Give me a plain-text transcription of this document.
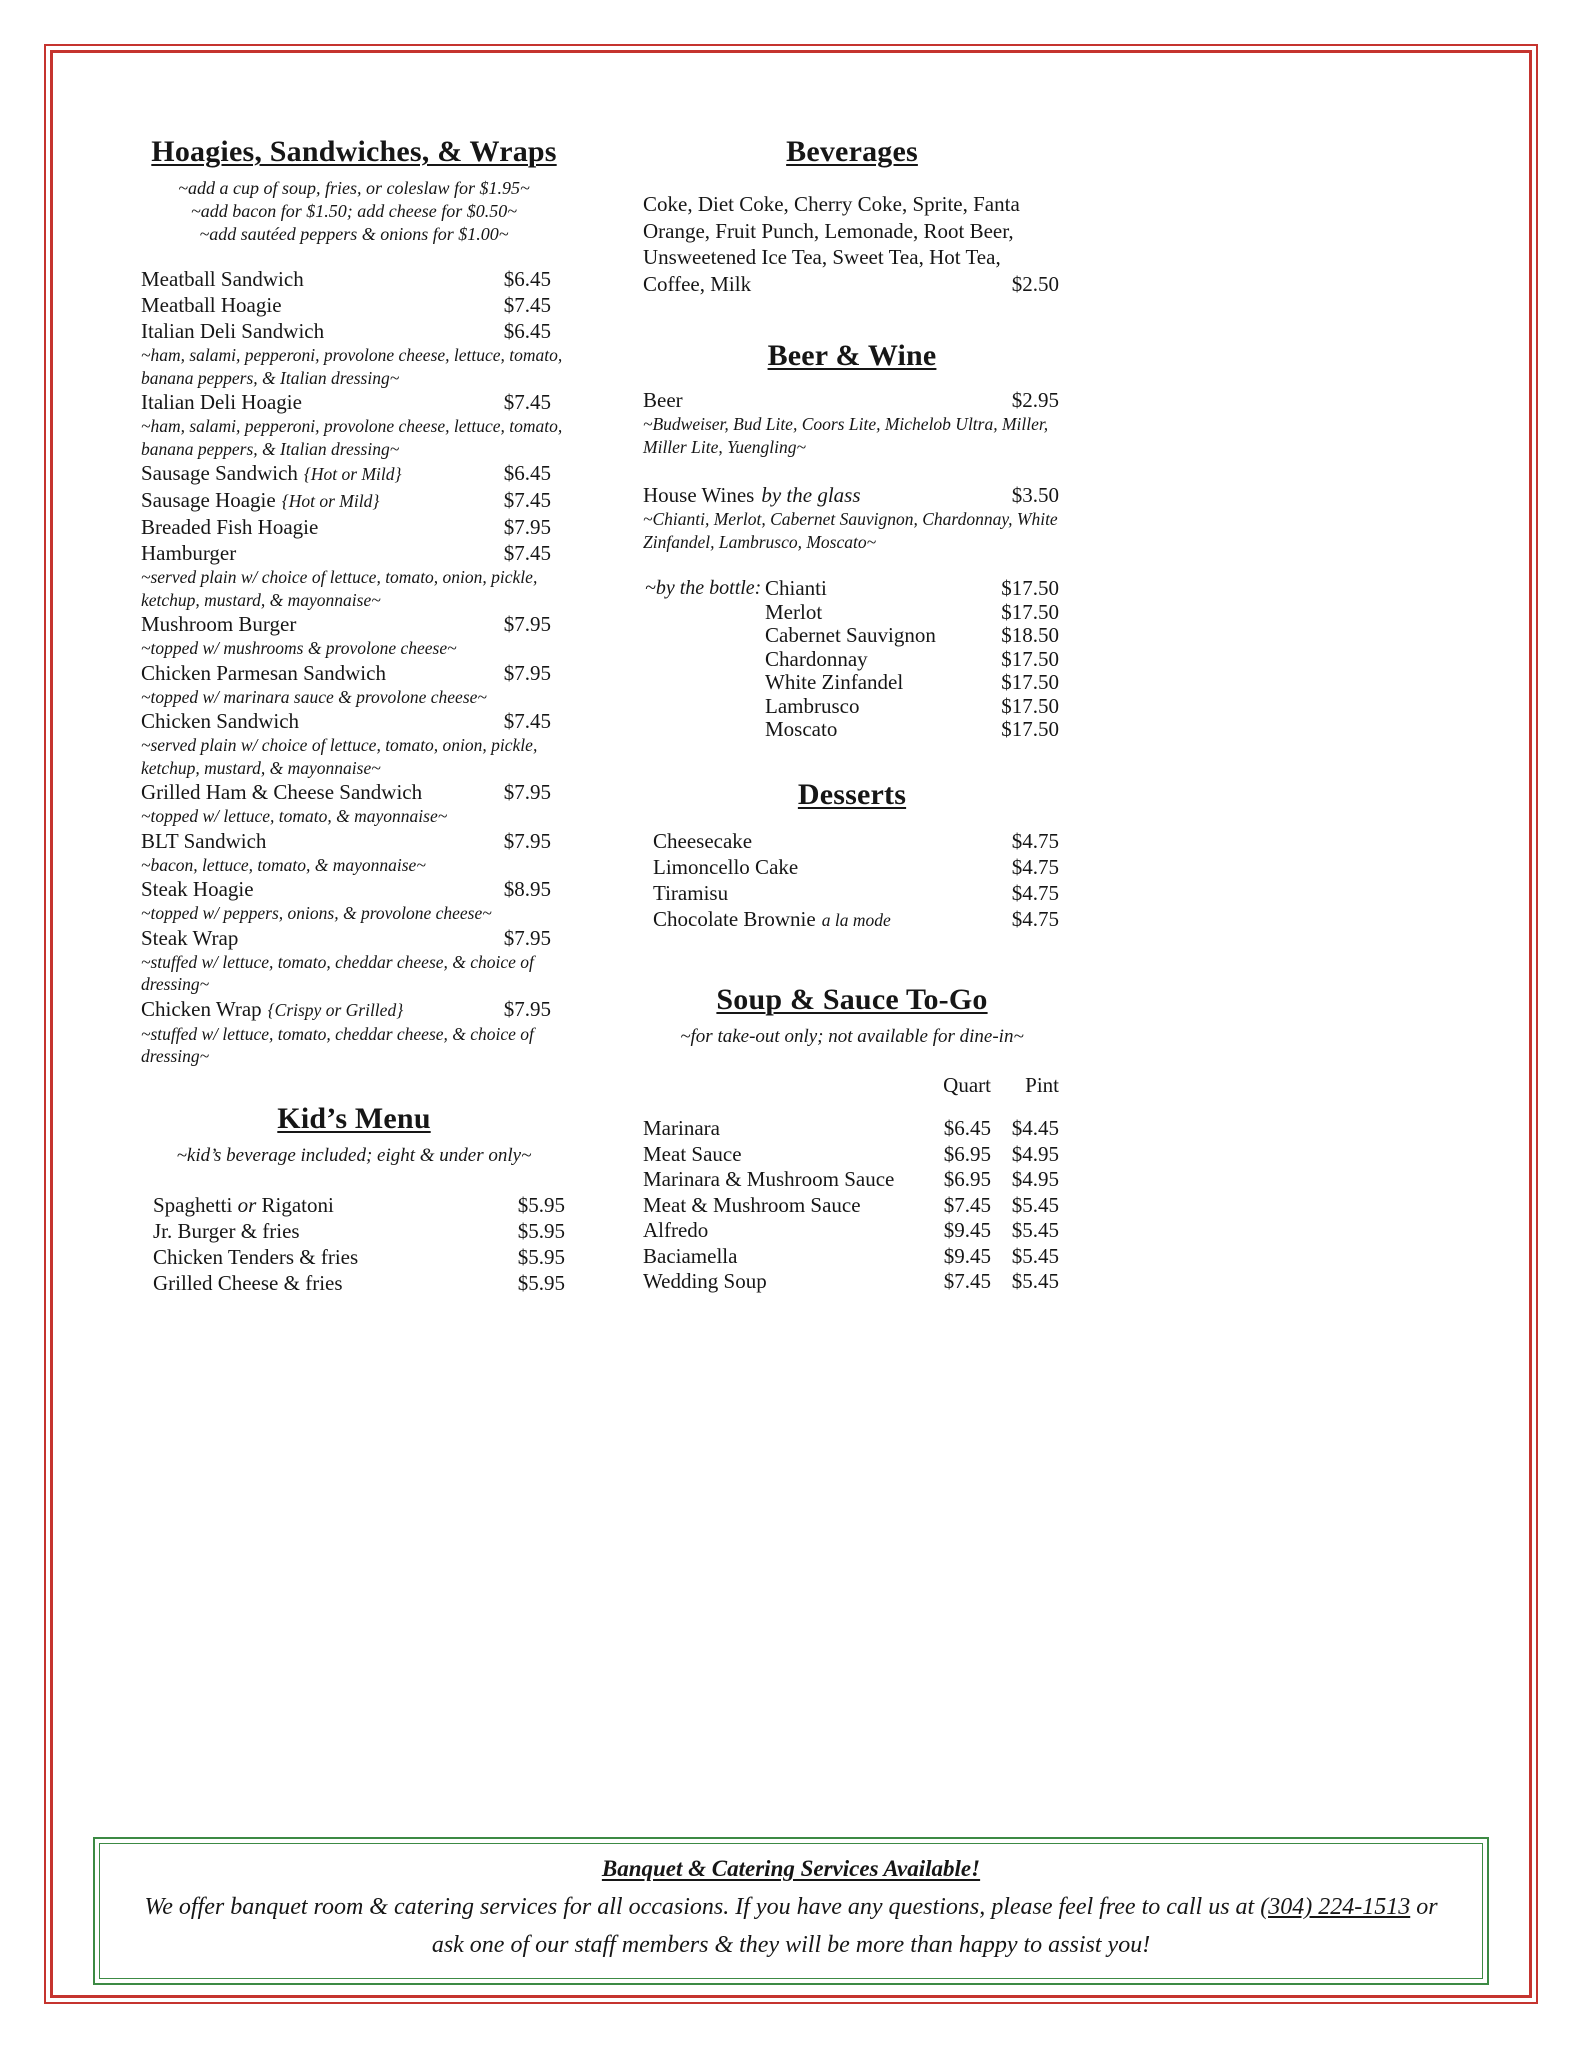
Hoagies, Sandwiches, & Wraps
~add a cup of soup, fries, or coleslaw for $1.95~
~add bacon for $1.50; add cheese for $0.50~
~add sautéed peppers & onions for $1.00~
Meatball Sandwich	$6.45
Meatball Hoagie	$7.45
Italian Deli Sandwich	$6.45
~ham, salami, pepperoni, provolone cheese, lettuce, tomato, banana peppers, & Italian dressing~
Italian Deli Hoagie	$7.45
~ham, salami, pepperoni, provolone cheese, lettuce, tomato, banana peppers, & Italian dressing~
Sausage Sandwich {Hot or Mild}	$6.45
Sausage Hoagie {Hot or Mild}	$7.45
Breaded Fish Hoagie	$7.95
Hamburger	$7.45
~served plain w/ choice of lettuce, tomato, onion, pickle, ketchup, mustard, & mayonnaise~
Mushroom Burger	$7.95
~topped w/ mushrooms & provolone cheese~
Chicken Parmesan Sandwich	$7.95
~topped w/ marinara sauce & provolone cheese~
Chicken Sandwich	$7.45
~served plain w/ choice of lettuce, tomato, onion, pickle, ketchup, mustard, & mayonnaise~
Grilled Ham & Cheese Sandwich	$7.95
~topped w/ lettuce, tomato, & mayonnaise~
BLT Sandwich	$7.95
~bacon, lettuce, tomato, & mayonnaise~
Steak Hoagie	$8.95
~topped w/ peppers, onions, & provolone cheese~
Steak Wrap	$7.95
~stuffed w/ lettuce, tomato, cheddar cheese, & choice of dressing~
Chicken Wrap {Crispy or Grilled}	$7.95
~stuffed w/ lettuce, tomato, cheddar cheese, & choice of dressing~
Kid’s Menu
~kid’s beverage included; eight & under only~
Spaghetti or Rigatoni	$5.95
Jr. Burger & fries	$5.95
Chicken Tenders & fries	$5.95
Grilled Cheese & fries	$5.95
Beverages

Coke, Diet Coke, Cherry Coke, Sprite, Fanta Orange, Fruit Punch, Lemonade, Root Beer, Unsweetened Ice Tea, Sweet Tea, Hot Tea, Coffee, Milk	$2.50

Beer & Wine
Beer	$2.95
~Budweiser, Bud Lite, Coors Lite, Michelob Ultra, Miller, Miller Lite, Yuengling~
House Wines by the glass	$3.50
~Chianti, Merlot, Cabernet Sauvignon, Chardonnay, White Zinfandel, Lambrusco, Moscato~
~by the bottle: Chianti	$17.50
Merlot	$17.50
Cabernet Sauvignon	$18.50
Chardonnay	$17.50
White Zinfandel	$17.50
Lambrusco	$17.50
Moscato	$17.50
Desserts
Cheesecake	$4.75
Limoncello Cake	$4.75
Tiramisu	$4.75
Chocolate Brownie a la mode	$4.75
Soup & Sauce To-Go
~for take-out only; not available for dine-in~
Quart	Pint
Marinara	$6.45 $4.45
Meat Sauce	$6.95 $4.95
Marinara & Mushroom Sauce	$6.95 $4.95
Meat & Mushroom Sauce	$7.45 $5.45
Alfredo	$9.45 $5.45
Baciamella	$9.45 $5.45
Wedding Soup	$7.45 $5.45
Banquet & Catering Services Available!
We offer banquet room & catering services for all occasions. If you have any questions, please feel free to call us at (304) 224-1513 or ask one of our staff members & they will be more than happy to assist you!
